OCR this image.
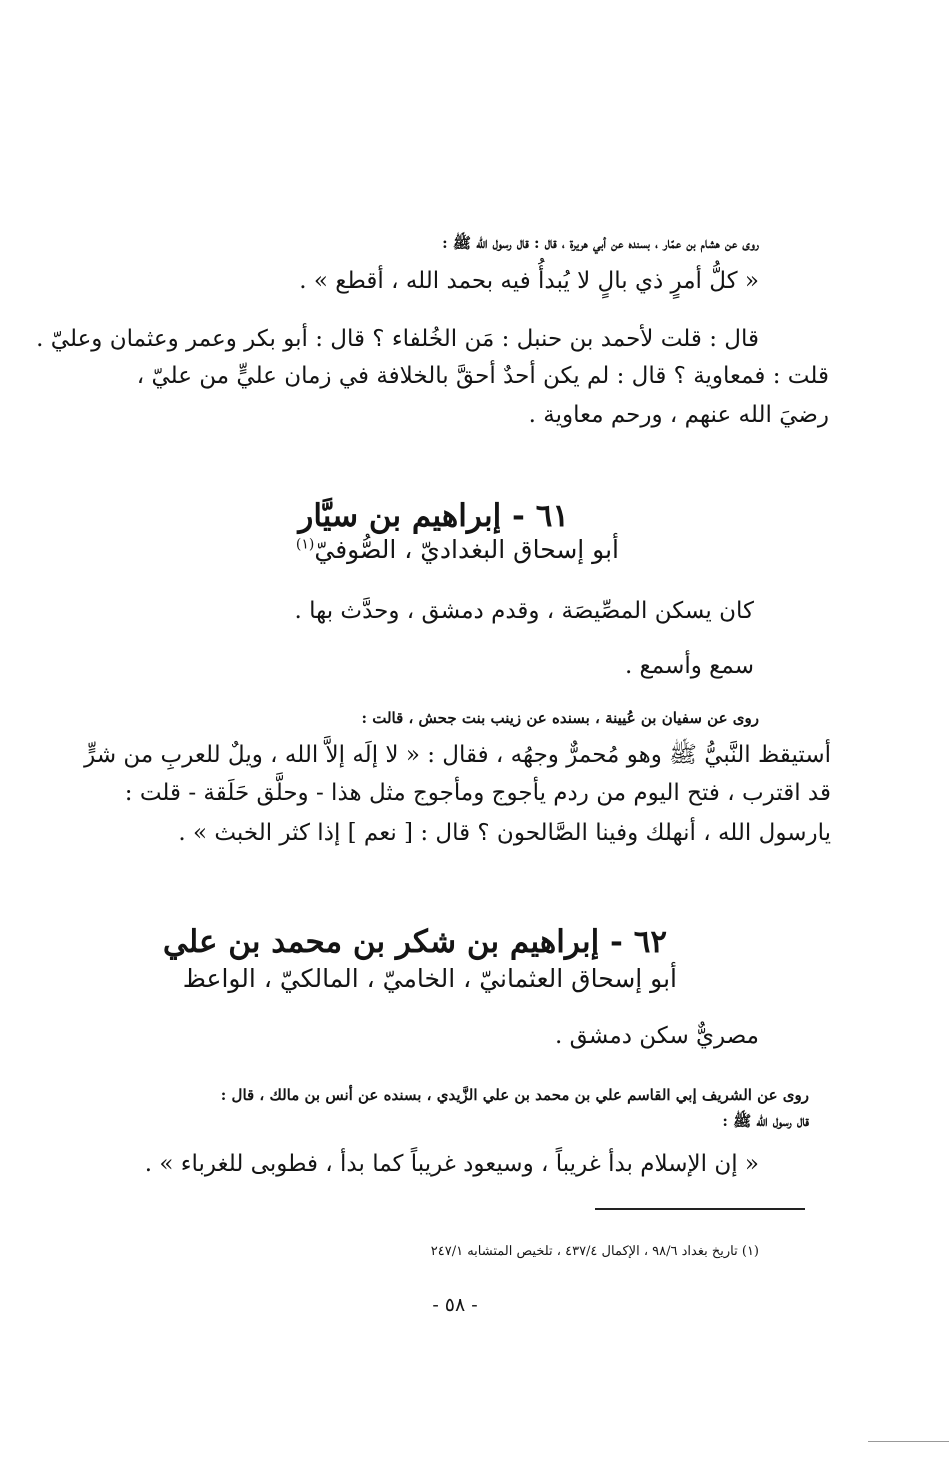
روى عن هشام بن عمّار ، بسنده عن أبي هريرة ، قال : قال رسول الله ﷺ :
« كلُّ أمرٍ ذي بالٍ لا يُبدأُ فيه بحمد الله ، أقطع » .
قال : قلت لأحمد بن حنبل : مَن الخُلفاء ؟ قال : أبو بكر وعمر وعثمان وعليّ .
قلت : فمعاوية ؟ قال : لم يكن أحدٌ أحقَّ بالخلافة في زمان عليٍّ من عليّ ،
رضيَ الله عنهم ، ورحم معاوية .
٦١ - إبراهيم بن سيَّار
أبو إسحاق البغداديّ ، الصُّوفيّ$^{(١)}$
كان يسكن المصِّيصَة ، وقدم دمشق ، وحدَّث بها .
سمع وأسمع .
روى عن سفيان بن عُيينة ، بسنده عن زينب بنت جحش ، قالت :
أستيقظ النَّبيُّ ﷺ وهو مُحمرٌّ وجهُه ، فقال : « لا إلَه إلاَّ الله ، ويلٌ للعربِ من شرٍّ
قد اقترب ، فتح اليوم من ردم يأجوج ومأجوج مثل هذا - وحلَّق حَلَقة - قلت :
يارسول الله ، أنهلك وفينا الصَّالحون ؟ قال : [ نعم ] إذا كثر الخبث » .
٦٢ - إبراهيم بن شكر بن محمد بن علي
أبو إسحاق العثمانيّ ، الخاميّ ، المالكيّ ، الواعظ
مصريٌّ سكن دمشق .
روى عن الشريف إبي القاسم علي بن محمد بن علي الزَّيدي ، بسنده عن أنس بن مالك ، قال :
قال رسول الله ﷺ :
« إن الإسلام بدأ غريباً ، وسيعود غريباً كما بدأ ، فطوبى للغرباء » .
(١) تاريخ بغداد ٩٨/٦ ، الإكمال ٤٣٧/٤ ، تلخيص المتشابه ٢٤٧/١
- ٥٨ -
